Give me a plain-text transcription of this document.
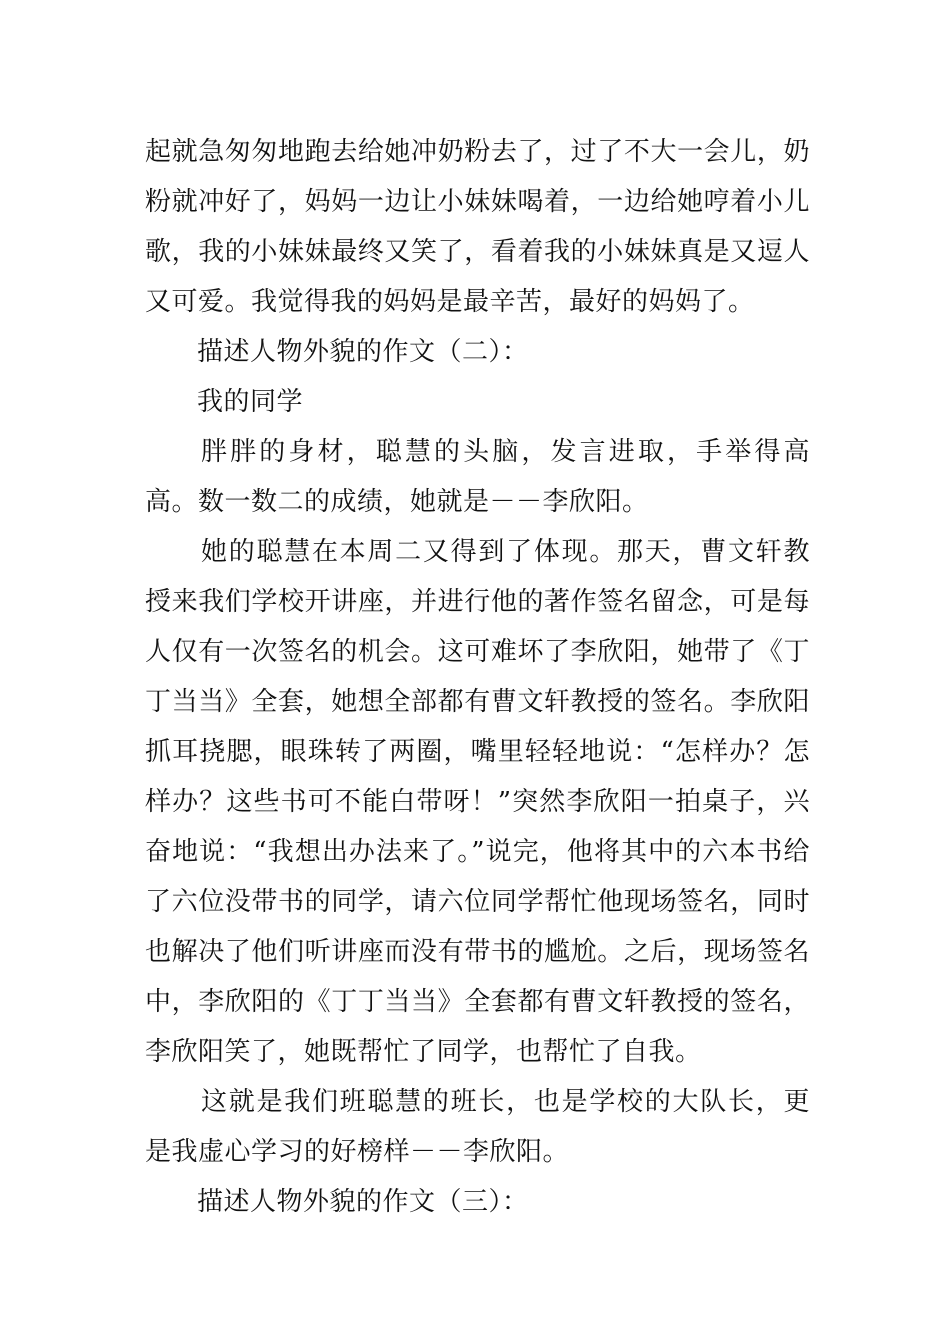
起就急匆匆地跑去给她冲奶粉去了，过了不大一会儿，奶粉就冲好了，妈妈一边让小妹妹喝着，一边给她哼着小儿歌，我的小妹妹最终又笑了，看着我的小妹妹真是又逗人又可爱。我觉得我的妈妈是最辛苦，最好的妈妈了。

描述人物外貌的作文（二）：

我的同学

胖胖的身材，聪慧的头脑，发言进取，手举得高高。数一数二的成绩，她就是－－李欣阳。

她的聪慧在本周二又得到了体现。那天，曹文轩教授来我们学校开讲座，并进行他的著作签名留念，可是每人仅有一次签名的机会。这可难坏了李欣阳，她带了《丁丁当当》全套，她想全部都有曹文轩教授的签名。李欣阳抓耳挠腮，眼珠转了两圈，嘴里轻轻地说：“怎样办？怎样办？这些书可不能白带呀！”突然李欣阳一拍桌子，兴奋地说：“我想出办法来了。”说完，他将其中的六本书给了六位没带书的同学，请六位同学帮忙他现场签名，同时也解决了他们听讲座而没有带书的尴尬。之后，现场签名中，李欣阳的《丁丁当当》全套都有曹文轩教授的签名，李欣阳笑了，她既帮忙了同学，也帮忙了自我。

这就是我们班聪慧的班长，也是学校的大队长，更是我虚心学习的好榜样－－李欣阳。

描述人物外貌的作文（三）：
